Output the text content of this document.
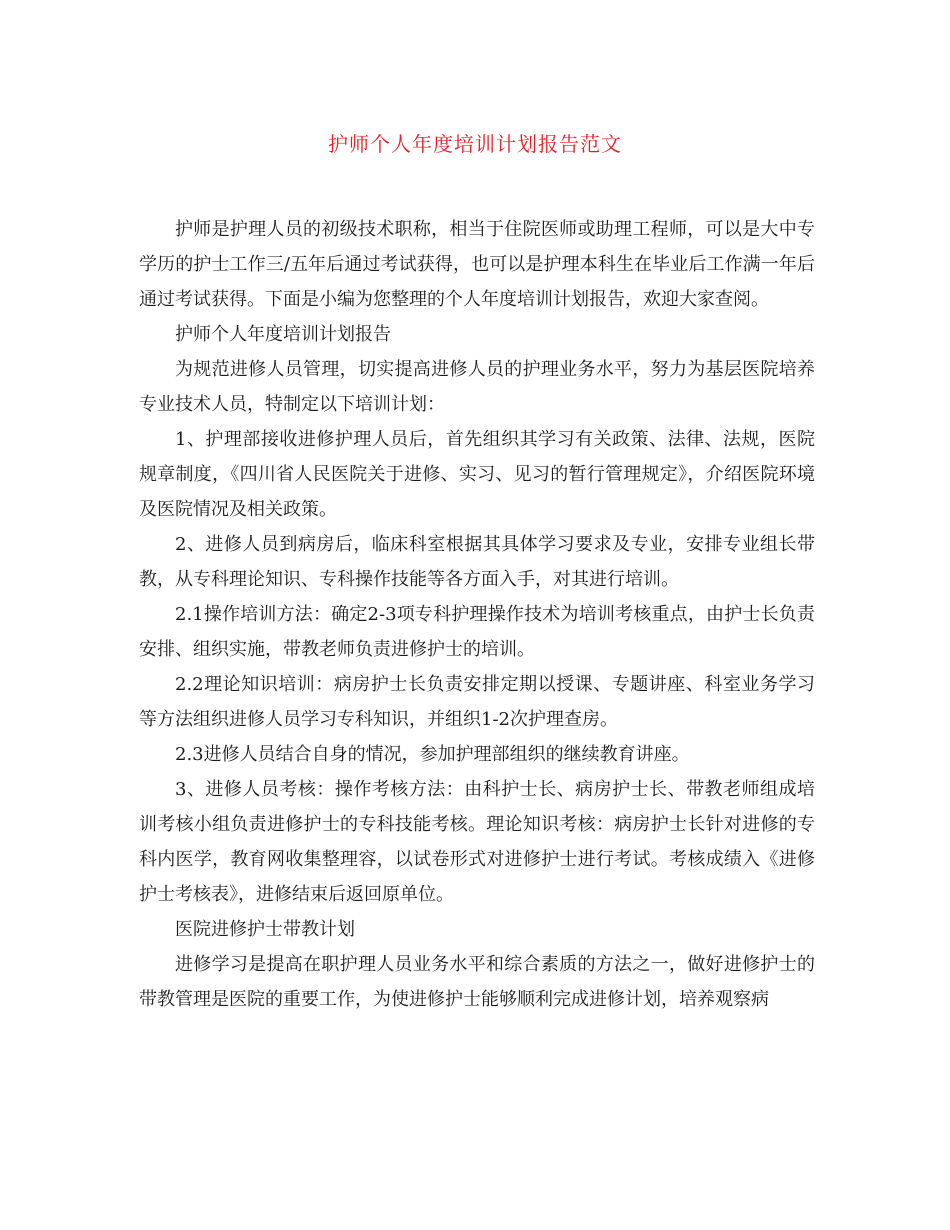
护师个人年度培训计划报告范文

护师是护理人员的初级技术职称，相当于住院医师或助理工程师，可以是大中专学历的护士工作三/五年后通过考试获得，也可以是护理本科生在毕业后工作满一年后通过考试获得。下面是小编为您整理的个人年度培训计划报告，欢迎大家查阅。

护师个人年度培训计划报告

为规范进修人员管理，切实提高进修人员的护理业务水平，努力为基层医院培养专业技术人员，特制定以下培训计划：

1、护理部接收进修护理人员后，首先组织其学习有关政策、法律、法规，医院规章制度，《四川省人民医院关于进修、实习、见习的暂行管理规定》，介绍医院环境及医院情况及相关政策。

2、进修人员到病房后，临床科室根据其具体学习要求及专业，安排专业组长带教，从专科理论知识、专科操作技能等各方面入手，对其进行培训。

2.1操作培训方法：确定2-3项专科护理操作技术为培训考核重点，由护士长负责安排、组织实施，带教老师负责进修护士的培训。

2.2理论知识培训：病房护士长负责安排定期以授课、专题讲座、科室业务学习等方法组织进修人员学习专科知识，并组织1-2次护理查房。

2.3进修人员结合自身的情况，参加护理部组织的继续教育讲座。

3、进修人员考核：操作考核方法：由科护士长、病房护士长、带教老师组成培训考核小组负责进修护士的专科技能考核。理论知识考核：病房护士长针对进修的专科内医学，教育网收集整理容，以试卷形式对进修护士进行考试。考核成绩入《进修护士考核表》，进修结束后返回原单位。

医院进修护士带教计划

进修学习是提高在职护理人员业务水平和综合素质的方法之一，做好进修护士的带教管理是医院的重要工作，为使进修护士能够顺利完成进修计划，培养观察病
